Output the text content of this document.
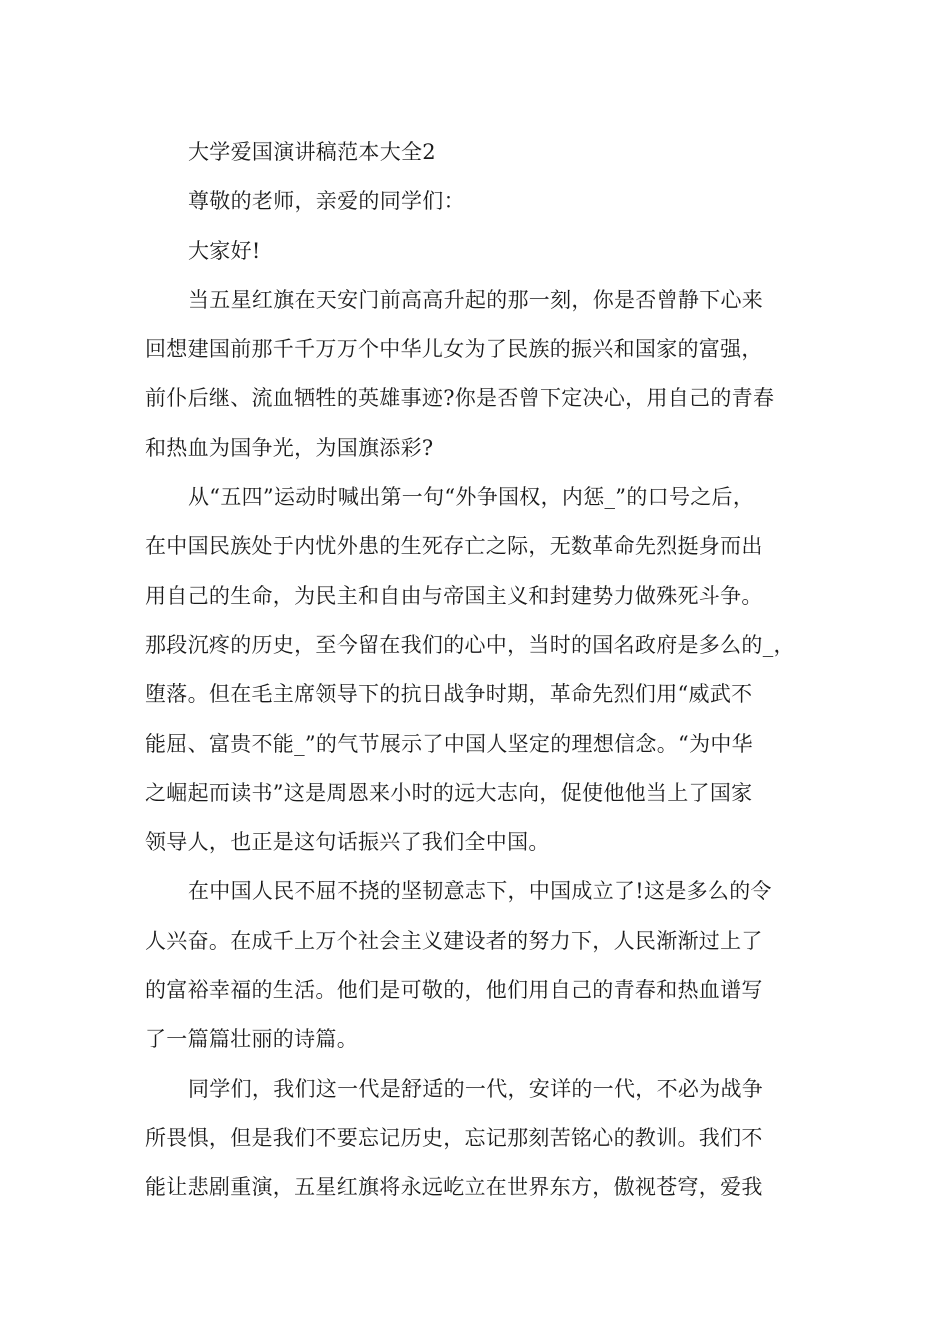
大学爱国演讲稿范本大全2
尊敬的老师，亲爱的同学们：
大家好!
当五星红旗在天安门前高高升起的那一刻，你是否曾静下心来
回想建国前那千千万万个中华儿女为了民族的振兴和国家的富强，
前仆后继、流血牺牲的英雄事迹?你是否曾下定决心，用自己的青春
和热血为国争光，为国旗添彩?
从“五四”运动时喊出第一句“外争国权，内惩_”的口号之后，
在中国民族处于内忧外患的生死存亡之际，无数革命先烈挺身而出
用自己的生命，为民主和自由与帝国主义和封建势力做殊死斗争。
那段沉疼的历史，至今留在我们的心中，当时的国名政府是多么的_，
堕落。但在毛主席领导下的抗日战争时期，革命先烈们用“威武不
能屈、富贵不能_”的气节展示了中国人坚定的理想信念。“为中华
之崛起而读书”这是周恩来小时的远大志向，促使他他当上了国家
领导人，也正是这句话振兴了我们全中国。
在中国人民不屈不挠的坚韧意志下，中国成立了!这是多么的令
人兴奋。在成千上万个社会主义建设者的努力下，人民渐渐过上了
的富裕幸福的生活。他们是可敬的，他们用自己的青春和热血谱写
了一篇篇壮丽的诗篇。
同学们，我们这一代是舒适的一代，安详的一代，不必为战争
所畏惧，但是我们不要忘记历史，忘记那刻苦铭心的教训。我们不
能让悲剧重演，五星红旗将永远屹立在世界东方，傲视苍穹，爱我
